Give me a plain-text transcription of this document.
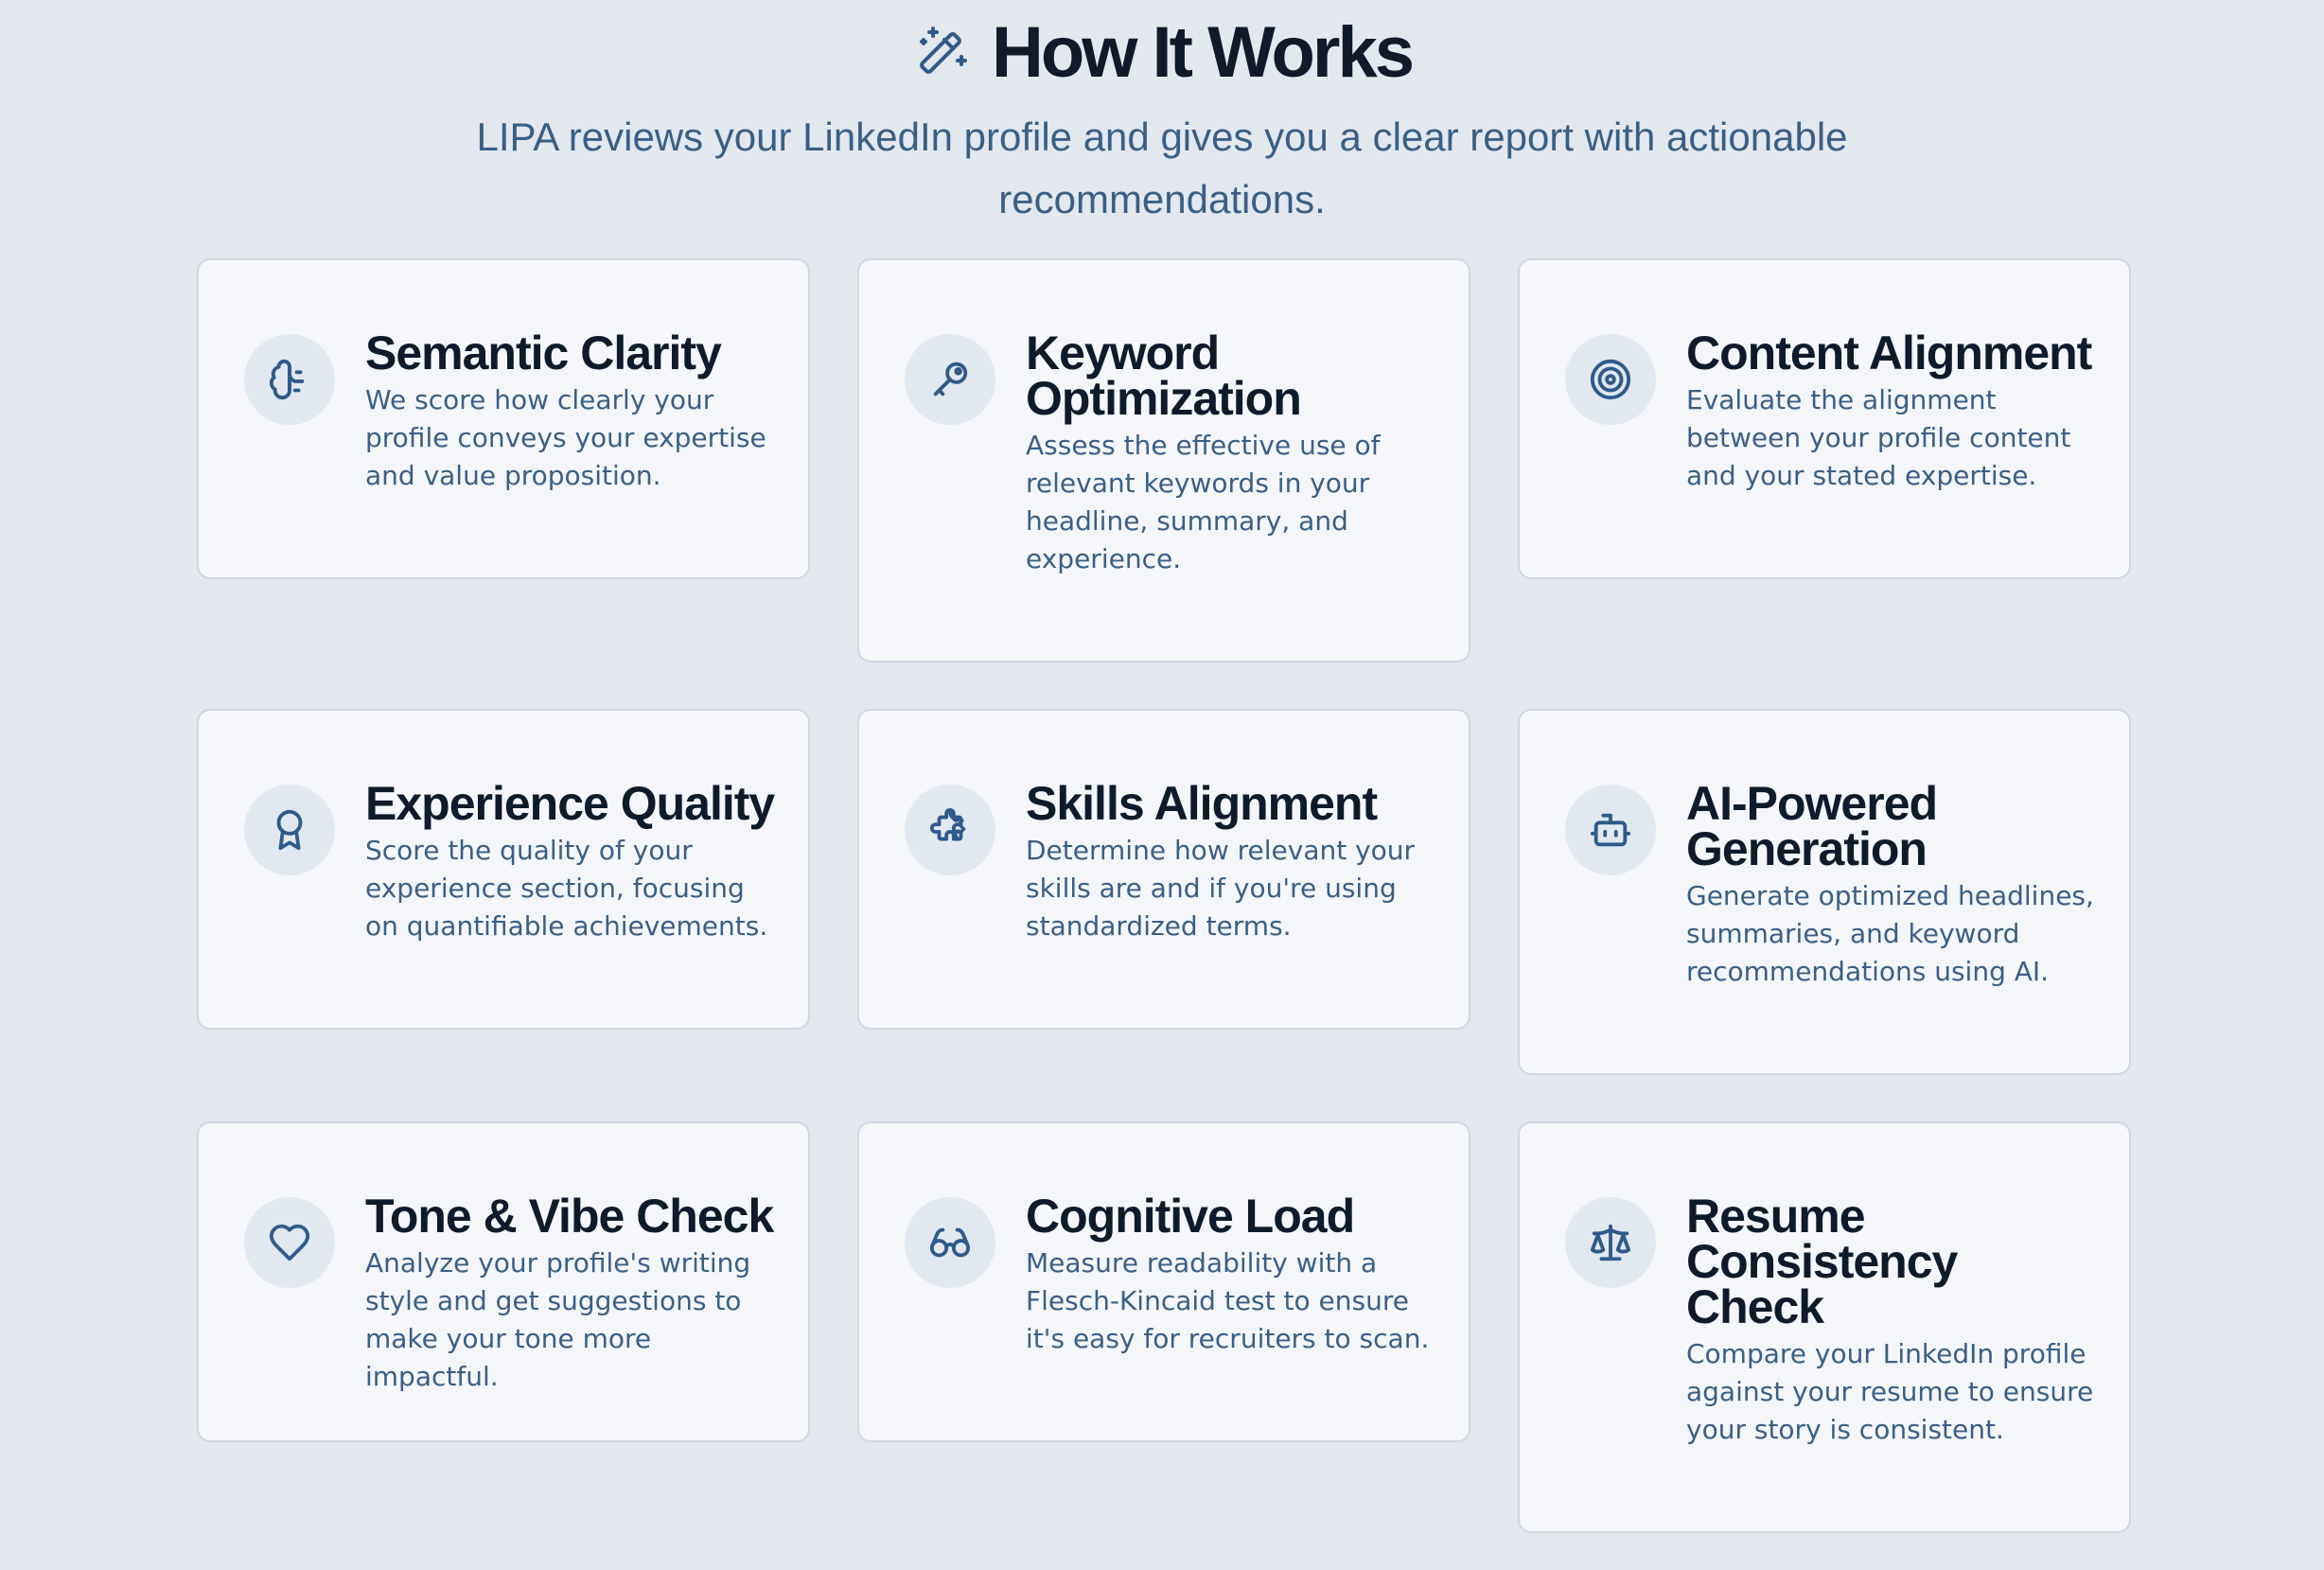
How It Works
LIPA reviews your LinkedIn profile and gives you a clear report with actionable recommendations.
Semantic Clarity

We score how clearly your profile conveys your expertise and value proposition.

Keyword Optimization

Assess the effective use of relevant keywords in your headline, summary, and experience.

Content Alignment

Evaluate the alignment between your profile content and your stated expertise.

Experience Quality

Score the quality of your experience section, focusing on quantifiable achievements.

Skills Alignment

Determine how relevant your skills are and if you're using standardized terms.

AI-Powered Generation

Generate optimized headlines, summaries, and keyword recommendations using AI.

Tone & Vibe Check

Analyze your profile's writing style and get suggestions to make your tone more impactful.

Cognitive Load

Measure readability with a Flesch-Kincaid test to ensure it's easy for recruiters to scan.

Resume Consistency Check

Compare your LinkedIn profile against your resume to ensure your story is consistent.
